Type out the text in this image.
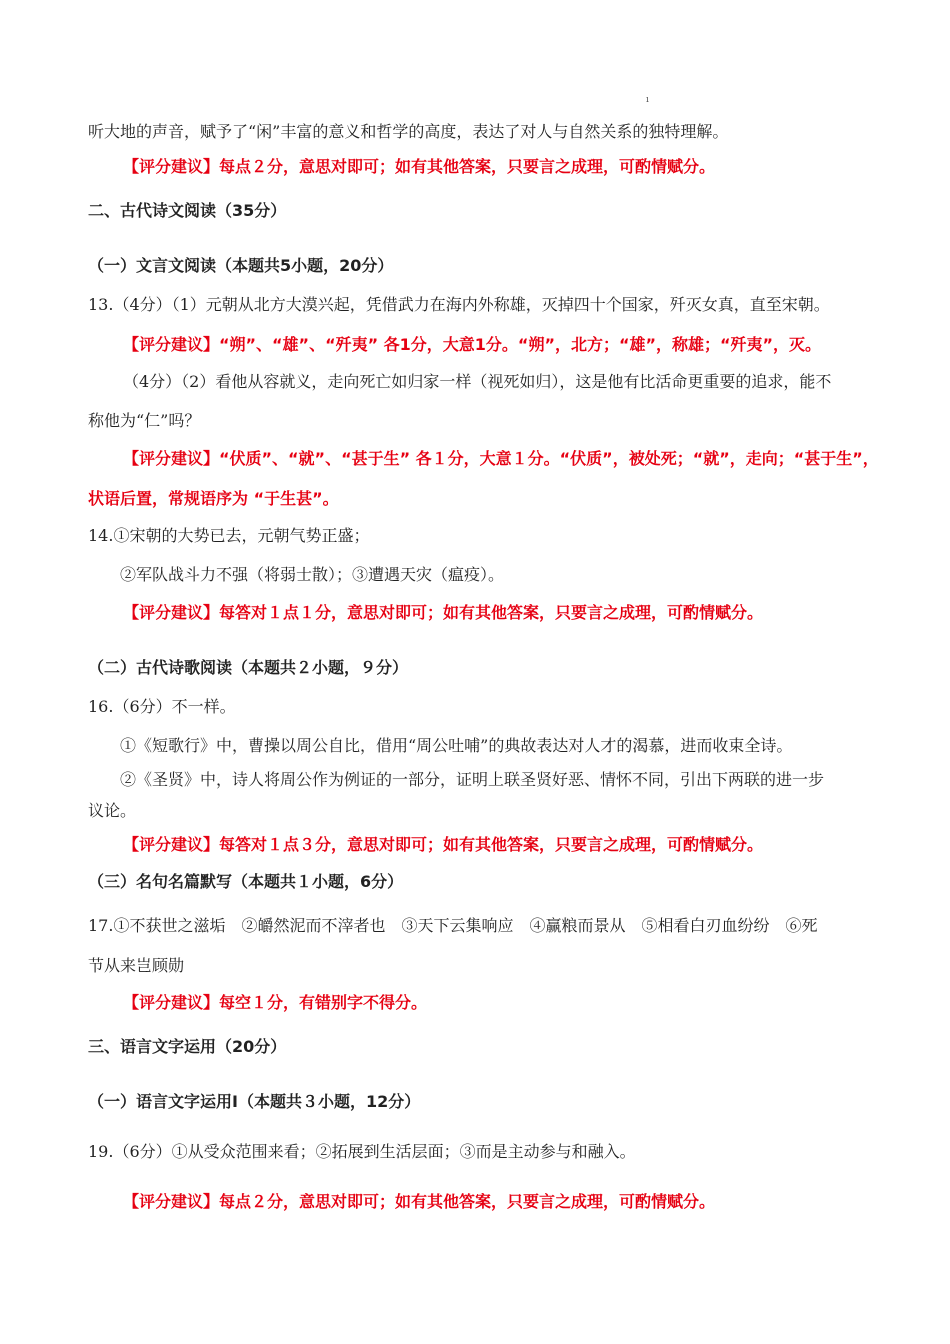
ı
听大地的声音，赋予了“闲”丰富的意义和哲学的高度，表达了对人与自然关系的独特理解。
【评分建议】每点２分，意思对即可；如有其他答案，只要言之成理，可酌情赋分。
二、古代诗文阅读（35分）
（一）文言文阅读（本题共5小题，20分）
13.（4分）（1）元朝从北方大漠兴起，凭借武力在海内外称雄，灭掉四十个国家，歼灭女真，直至宋朝。
【评分建议】“朔”、“雄”、“歼夷” 各1分，大意1分。“朔”，北方；“雄”，称雄；“歼夷”，灭。
（4分）（2）看他从容就义，走向死亡如归家一样（视死如归），这是他有比活命更重要的追求，能不
称他为“仁”吗？
【评分建议】“伏质”、“就”、“甚于生” 各１分，大意１分。“伏质”，被处死；“就”，走向；“甚于生”，
状语后置，常规语序为 “于生甚”。
14.①宋朝的大势已去，元朝气势正盛；
②军队战斗力不强（将弱士散）；③遭遇天灾（瘟疫）。
【评分建议】每答对１点１分，意思对即可；如有其他答案，只要言之成理，可酌情赋分。
（二）古代诗歌阅读（本题共２小题，９分）
16.（6分）不一样。
①《短歌行》中，曹操以周公自比，借用“周公吐哺”的典故表达对人才的渴慕，进而收束全诗。
②《圣贤》中，诗人将周公作为例证的一部分，证明上联圣贤好恶、情怀不同，引出下两联的进一步
议论。
【评分建议】每答对１点３分，意思对即可；如有其他答案，只要言之成理，可酌情赋分。
（三）名句名篇默写（本题共１小题，6分）
17.①不获世之滋垢　②皭然泥而不滓者也　③天下云集响应　④赢粮而景从　⑤相看白刃血纷纷　⑥死
节从来岂顾勋
【评分建议】每空１分，有错别字不得分。
三、语言文字运用（20分）
（一）语言文字运用Ⅰ（本题共３小题，12分）
19.（6分）①从受众范围来看；②拓展到生活层面；③而是主动参与和融入。
【评分建议】每点２分，意思对即可；如有其他答案，只要言之成理，可酌情赋分。
